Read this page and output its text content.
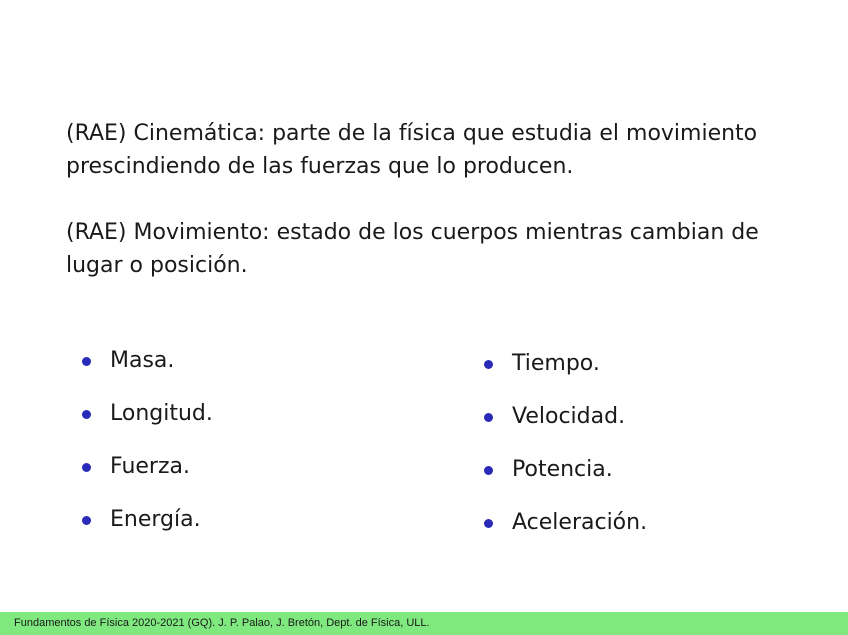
(RAE) Cinemática: parte de la física que estudia el movimiento prescindiendo de las fuerzas que lo producen.

(RAE) Movimiento: estado de los cuerpos mientras cambian de lugar o posición.

Masa.
Longitud.
Fuerza.
Energía.
Tiempo.
Velocidad.
Potencia.
Aceleración.
Fundamentos de Física 2020-2021 (GQ). J. P. Palao, J. Bretón, Dept. de Física, ULL.
